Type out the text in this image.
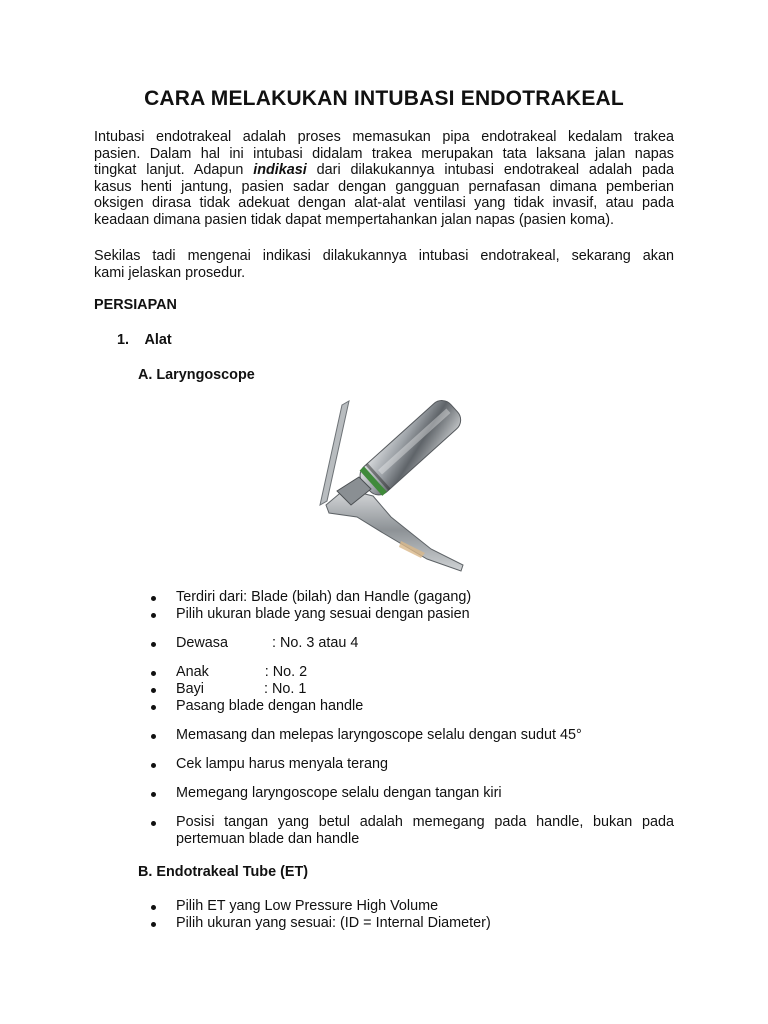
CARA MELAKUKAN INTUBASI ENDOTRAKEAL

Intubasi endotrakeal adalah proses memasukan pipa endotrakeal kedalam trakea
pasien. Dalam hal ini intubasi didalam trakea merupakan tata laksana jalan napas
tingkat lanjut. Adapun indikasi dari dilakukannya intubasi endotrakeal adalah pada
kasus henti jantung, pasien sadar dengan gangguan pernafasan dimana pemberian
oksigen dirasa tidak adekuat dengan alat-alat ventilasi yang tidak invasif, atau pada
keadaan dimana pasien tidak dapat mempertahankan jalan napas (pasien koma).

Sekilas tadi mengenai indikasi dilakukannya intubasi endotrakeal, sekarang akan
kami jelaskan prosedur.

PERSIAPAN
1. Alat
A. Laryngoscope
Terdiri dari: Blade (bilah) dan Handle (gagang)
Pilih ukuran blade yang sesuai dengan pasien
Dewasa           : No. 3 atau 4
Anak              : No. 2
Bayi               : No. 1
Pasang blade dengan handle
Memasang dan melepas laryngoscope selalu dengan sudut 45°
Cek lampu harus menyala terang
Memegang laryngoscope selalu dengan tangan kiri
Posisi tangan yang betul adalah memegang pada handle, bukan pada
pertemuan blade dan handle
B. Endotrakeal Tube (ET)
Pilih ET yang Low Pressure High Volume
Pilih ukuran yang sesuai: (ID = Internal Diameter)
